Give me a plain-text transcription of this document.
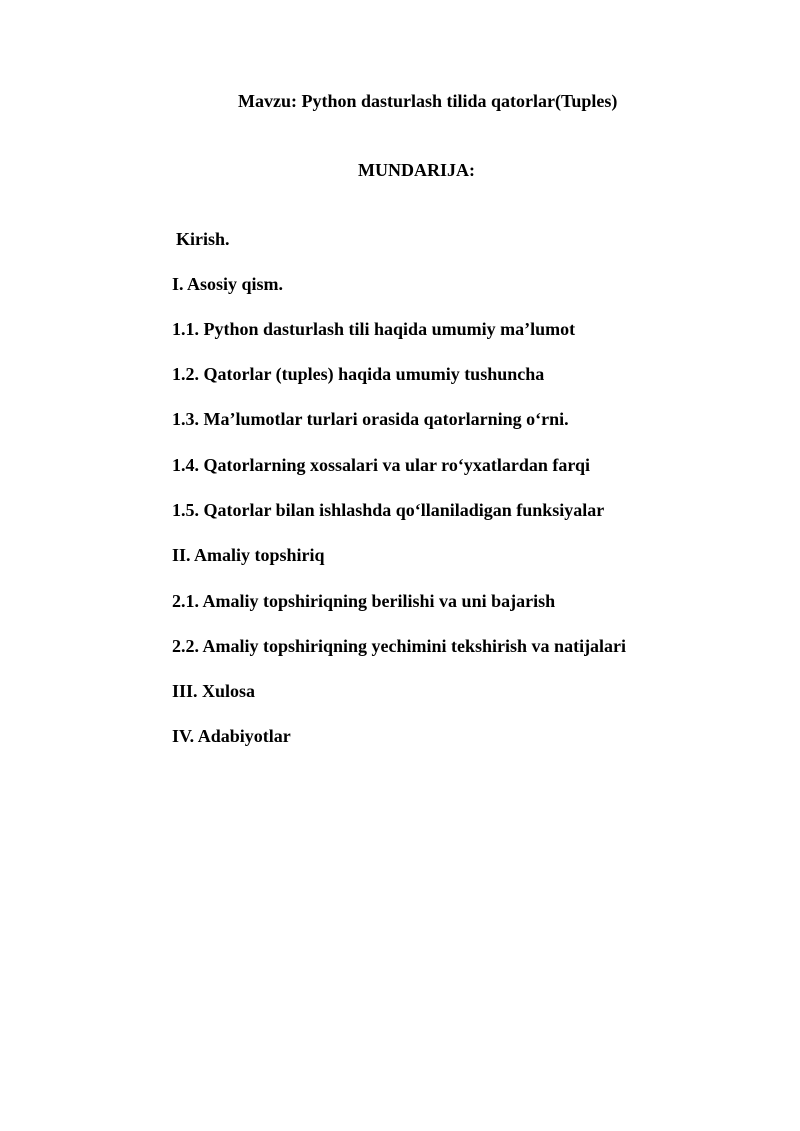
Mavzu: Python dasturlash tilida qatorlar(Tuples)
MUNDARIJA:
Kirish.
I. Asosiy qism.
1.1. Python dasturlash tili haqida umumiy ma’lumot
1.2. Qatorlar (tuples) haqida umumiy tushuncha
1.3. Ma’lumotlar turlari orasida qatorlarning o‘rni.
1.4. Qatorlarning xossalari va ular ro‘yxatlardan farqi
1.5. Qatorlar bilan ishlashda qo‘llaniladigan funksiyalar
II. Amaliy topshiriq
2.1. Amaliy topshiriqning berilishi va uni bajarish
2.2. Amaliy topshiriqning yechimini tekshirish va natijalari
III. Xulosa
IV. Adabiyotlar
